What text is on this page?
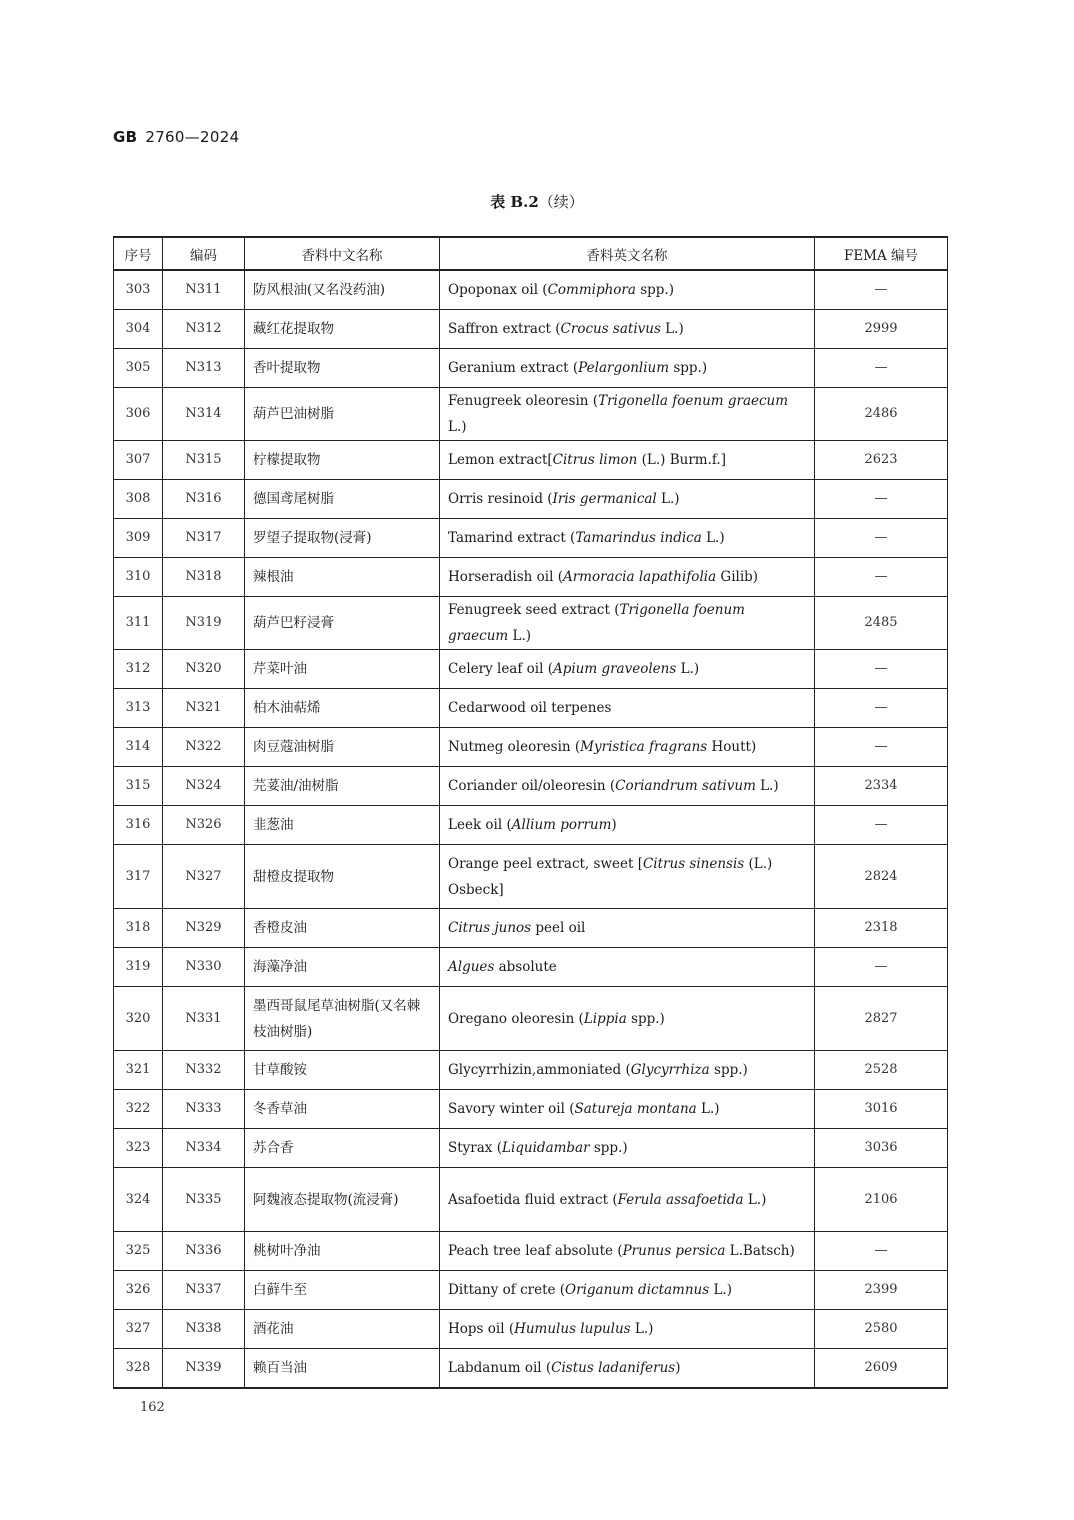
GB 2760—2024
表 B.2（续）
序号	编码	香料中文名称	香料英文名称	FEMA 编号
303	N311	防风根油(又名没药油)	Opoponax oil (Commiphora spp.)	—
304	N312	藏红花提取物	Saffron extract (Crocus sativus L.)	2999
305	N313	香叶提取物	Geranium extract (Pelargonlium spp.)	—
306	N314	葫芦巴油树脂	Fenugreek oleoresin (Trigonella foenum graecum L.)	2486
307	N315	柠檬提取物	Lemon extract[Citrus limon (L.) Burm.f.]	2623
308	N316	德国鸢尾树脂	Orris resinoid (Iris germanical L.)	—
309	N317	罗望子提取物(浸膏)	Tamarind extract (Tamarindus indica L.)	—
310	N318	辣根油	Horseradish oil (Armoracia lapathifolia Gilib)	—
311	N319	葫芦巴籽浸膏	Fenugreek seed extract (Trigonella foenum graecum L.)	2485
312	N320	芹菜叶油	Celery leaf oil (Apium graveolens L.)	—
313	N321	柏木油萜烯	Cedarwood oil terpenes	—
314	N322	肉豆蔻油树脂	Nutmeg oleoresin (Myristica fragrans Houtt)	—
315	N324	芫荽油/油树脂	Coriander oil/oleoresin (Coriandrum sativum L.)	2334
316	N326	韭葱油	Leek oil (Allium porrum)	—
317	N327	甜橙皮提取物	Orange peel extract, sweet [Citrus sinensis (L.) Osbeck]	2824
318	N329	香橙皮油	Citrus junos peel oil	2318
319	N330	海藻净油	Algues absolute	—
320	N331	墨西哥鼠尾草油树脂(又名棘枝油树脂)	Oregano oleoresin (Lippia spp.)	2827
321	N332	甘草酸铵	Glycyrrhizin,ammoniated (Glycyrrhiza spp.)	2528
322	N333	冬香草油	Savory winter oil (Satureja montana L.)	3016
323	N334	苏合香	Styrax (Liquidambar spp.)	3036
324	N335	阿魏液态提取物(流浸膏)	Asafoetida fluid extract (Ferula assafoetida L.)	2106
325	N336	桃树叶净油	Peach tree leaf absolute (Prunus persica L.Batsch)	—
326	N337	白藓牛至	Dittany of crete (Origanum dictamnus L.)	2399
327	N338	酒花油	Hops oil (Humulus lupulus L.)	2580
328	N339	赖百当油	Labdanum oil (Cistus ladaniferus)	2609
162
